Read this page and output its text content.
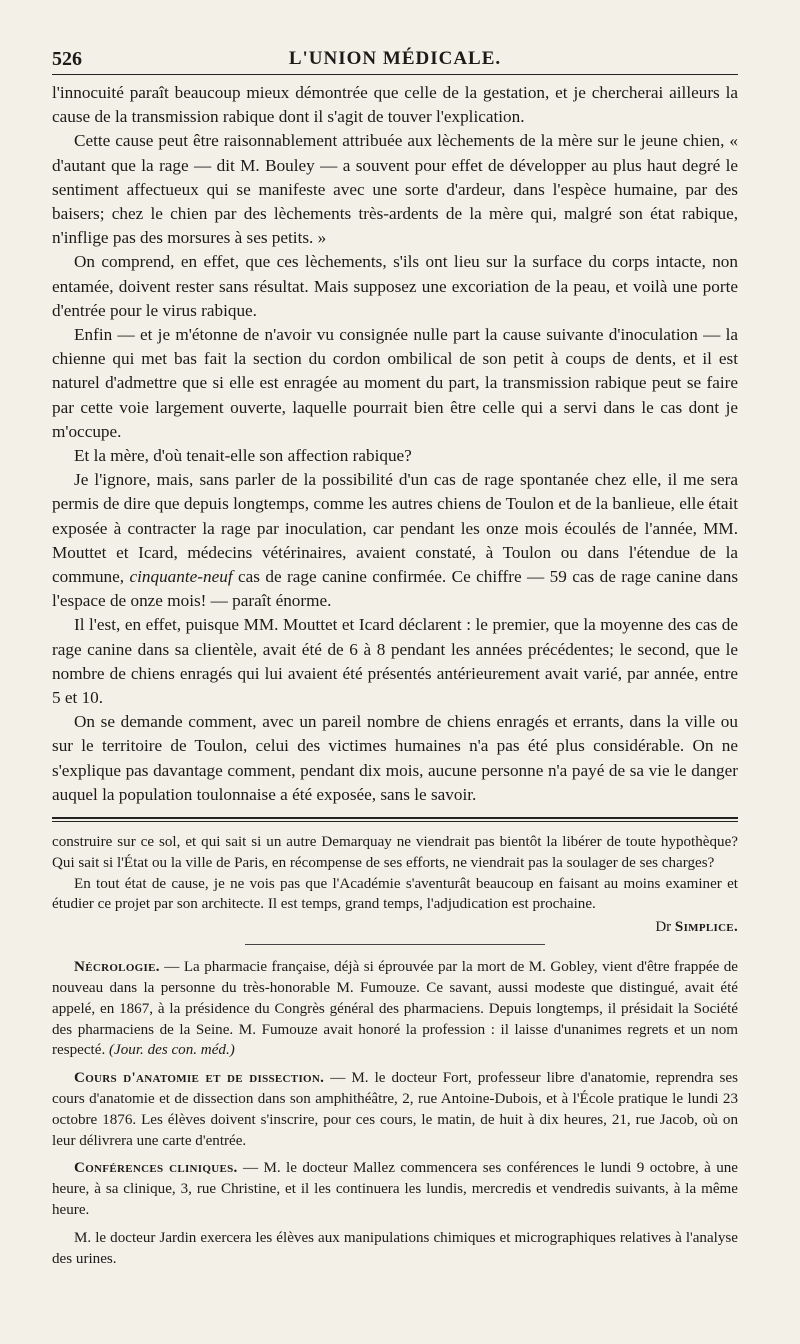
526	L'UNION MÉDICALE.

l'innocuité paraît beaucoup mieux démontrée que celle de la gestation, et je chercherai ailleurs la cause de la transmission rabique dont il s'agit de touver l'explication.

Cette cause peut être raisonnablement attribuée aux lèchements de la mère sur le jeune chien, « d'autant que la rage — dit M. Bouley — a souvent pour effet de développer au plus haut degré le sentiment affectueux qui se manifeste avec une sorte d'ardeur, dans l'espèce humaine, par des baisers; chez le chien par des lèchements très-ardents de la mère qui, malgré son état rabique, n'inflige pas des morsures à ses petits. »

On comprend, en effet, que ces lèchements, s'ils ont lieu sur la surface du corps intacte, non entamée, doivent rester sans résultat. Mais supposez une excoriation de la peau, et voilà une porte d'entrée pour le virus rabique.

Enfin — et je m'étonne de n'avoir vu consignée nulle part la cause suivante d'inoculation — la chienne qui met bas fait la section du cordon ombilical de son petit à coups de dents, et il est naturel d'admettre que si elle est enragée au moment du part, la transmission rabique peut se faire par cette voie largement ouverte, laquelle pourrait bien être celle qui a servi dans le cas dont je m'occupe.

Et la mère, d'où tenait-elle son affection rabique?

Je l'ignore, mais, sans parler de la possibilité d'un cas de rage spontanée chez elle, il me sera permis de dire que depuis longtemps, comme les autres chiens de Toulon et de la banlieue, elle était exposée à contracter la rage par inoculation, car pendant les onze mois écoulés de l'année, MM. Mouttet et Icard, médecins vétérinaires, avaient constaté, à Toulon ou dans l'étendue de la commune, cinquante-neuf cas de rage canine confirmée. Ce chiffre — 59 cas de rage canine dans l'espace de onze mois! — paraît énorme.

Il l'est, en effet, puisque MM. Mouttet et Icard déclarent : le premier, que la moyenne des cas de rage canine dans sa clientèle, avait été de 6 à 8 pendant les années précédentes; le second, que le nombre de chiens enragés qui lui avaient été présentés antérieurement avait varié, par année, entre 5 et 10.

On se demande comment, avec un pareil nombre de chiens enragés et errants, dans la ville ou sur le territoire de Toulon, celui des victimes humaines n'a pas été plus considérable. On ne s'explique pas davantage comment, pendant dix mois, aucune personne n'a payé de sa vie le danger auquel la population toulonnaise a été exposée, sans le savoir.

construire sur ce sol, et qui sait si un autre Demarquay ne viendrait pas bientôt la libérer de toute hypothèque? Qui sait si l'État ou la ville de Paris, en récompense de ses efforts, ne viendrait pas la soulager de ses charges?

En tout état de cause, je ne vois pas que l'Académie s'aventurât beaucoup en faisant au moins examiner et étudier ce projet par son architecte. Il est temps, grand temps, l'adjudication est prochaine.

Dr Simplice.

Nécrologie. — La pharmacie française, déjà si éprouvée par la mort de M. Gobley, vient d'être frappée de nouveau dans la personne du très-honorable M. Fumouze. Ce savant, aussi modeste que distingué, avait été appelé, en 1867, à la présidence du Congrès général des pharmaciens. Depuis longtemps, il présidait la Société des pharmaciens de la Seine. M. Fumouze avait honoré la profession : il laisse d'unanimes regrets et un nom respecté. (Jour. des con. méd.)

Cours d'anatomie et de dissection. — M. le docteur Fort, professeur libre d'anatomie, reprendra ses cours d'anatomie et de dissection dans son amphithéâtre, 2, rue Antoine-Dubois, et à l'École pratique le lundi 23 octobre 1876. Les élèves doivent s'inscrire, pour ces cours, le matin, de huit à dix heures, 21, rue Jacob, où on leur délivrera une carte d'entrée.

Conférences cliniques. — M. le docteur Mallez commencera ses conférences le lundi 9 octobre, à une heure, à sa clinique, 3, rue Christine, et il les continuera les lundis, mercredis et vendredis suivants, à la même heure.

M. le docteur Jardin exercera les élèves aux manipulations chimiques et micrographiques relatives à l'analyse des urines.
